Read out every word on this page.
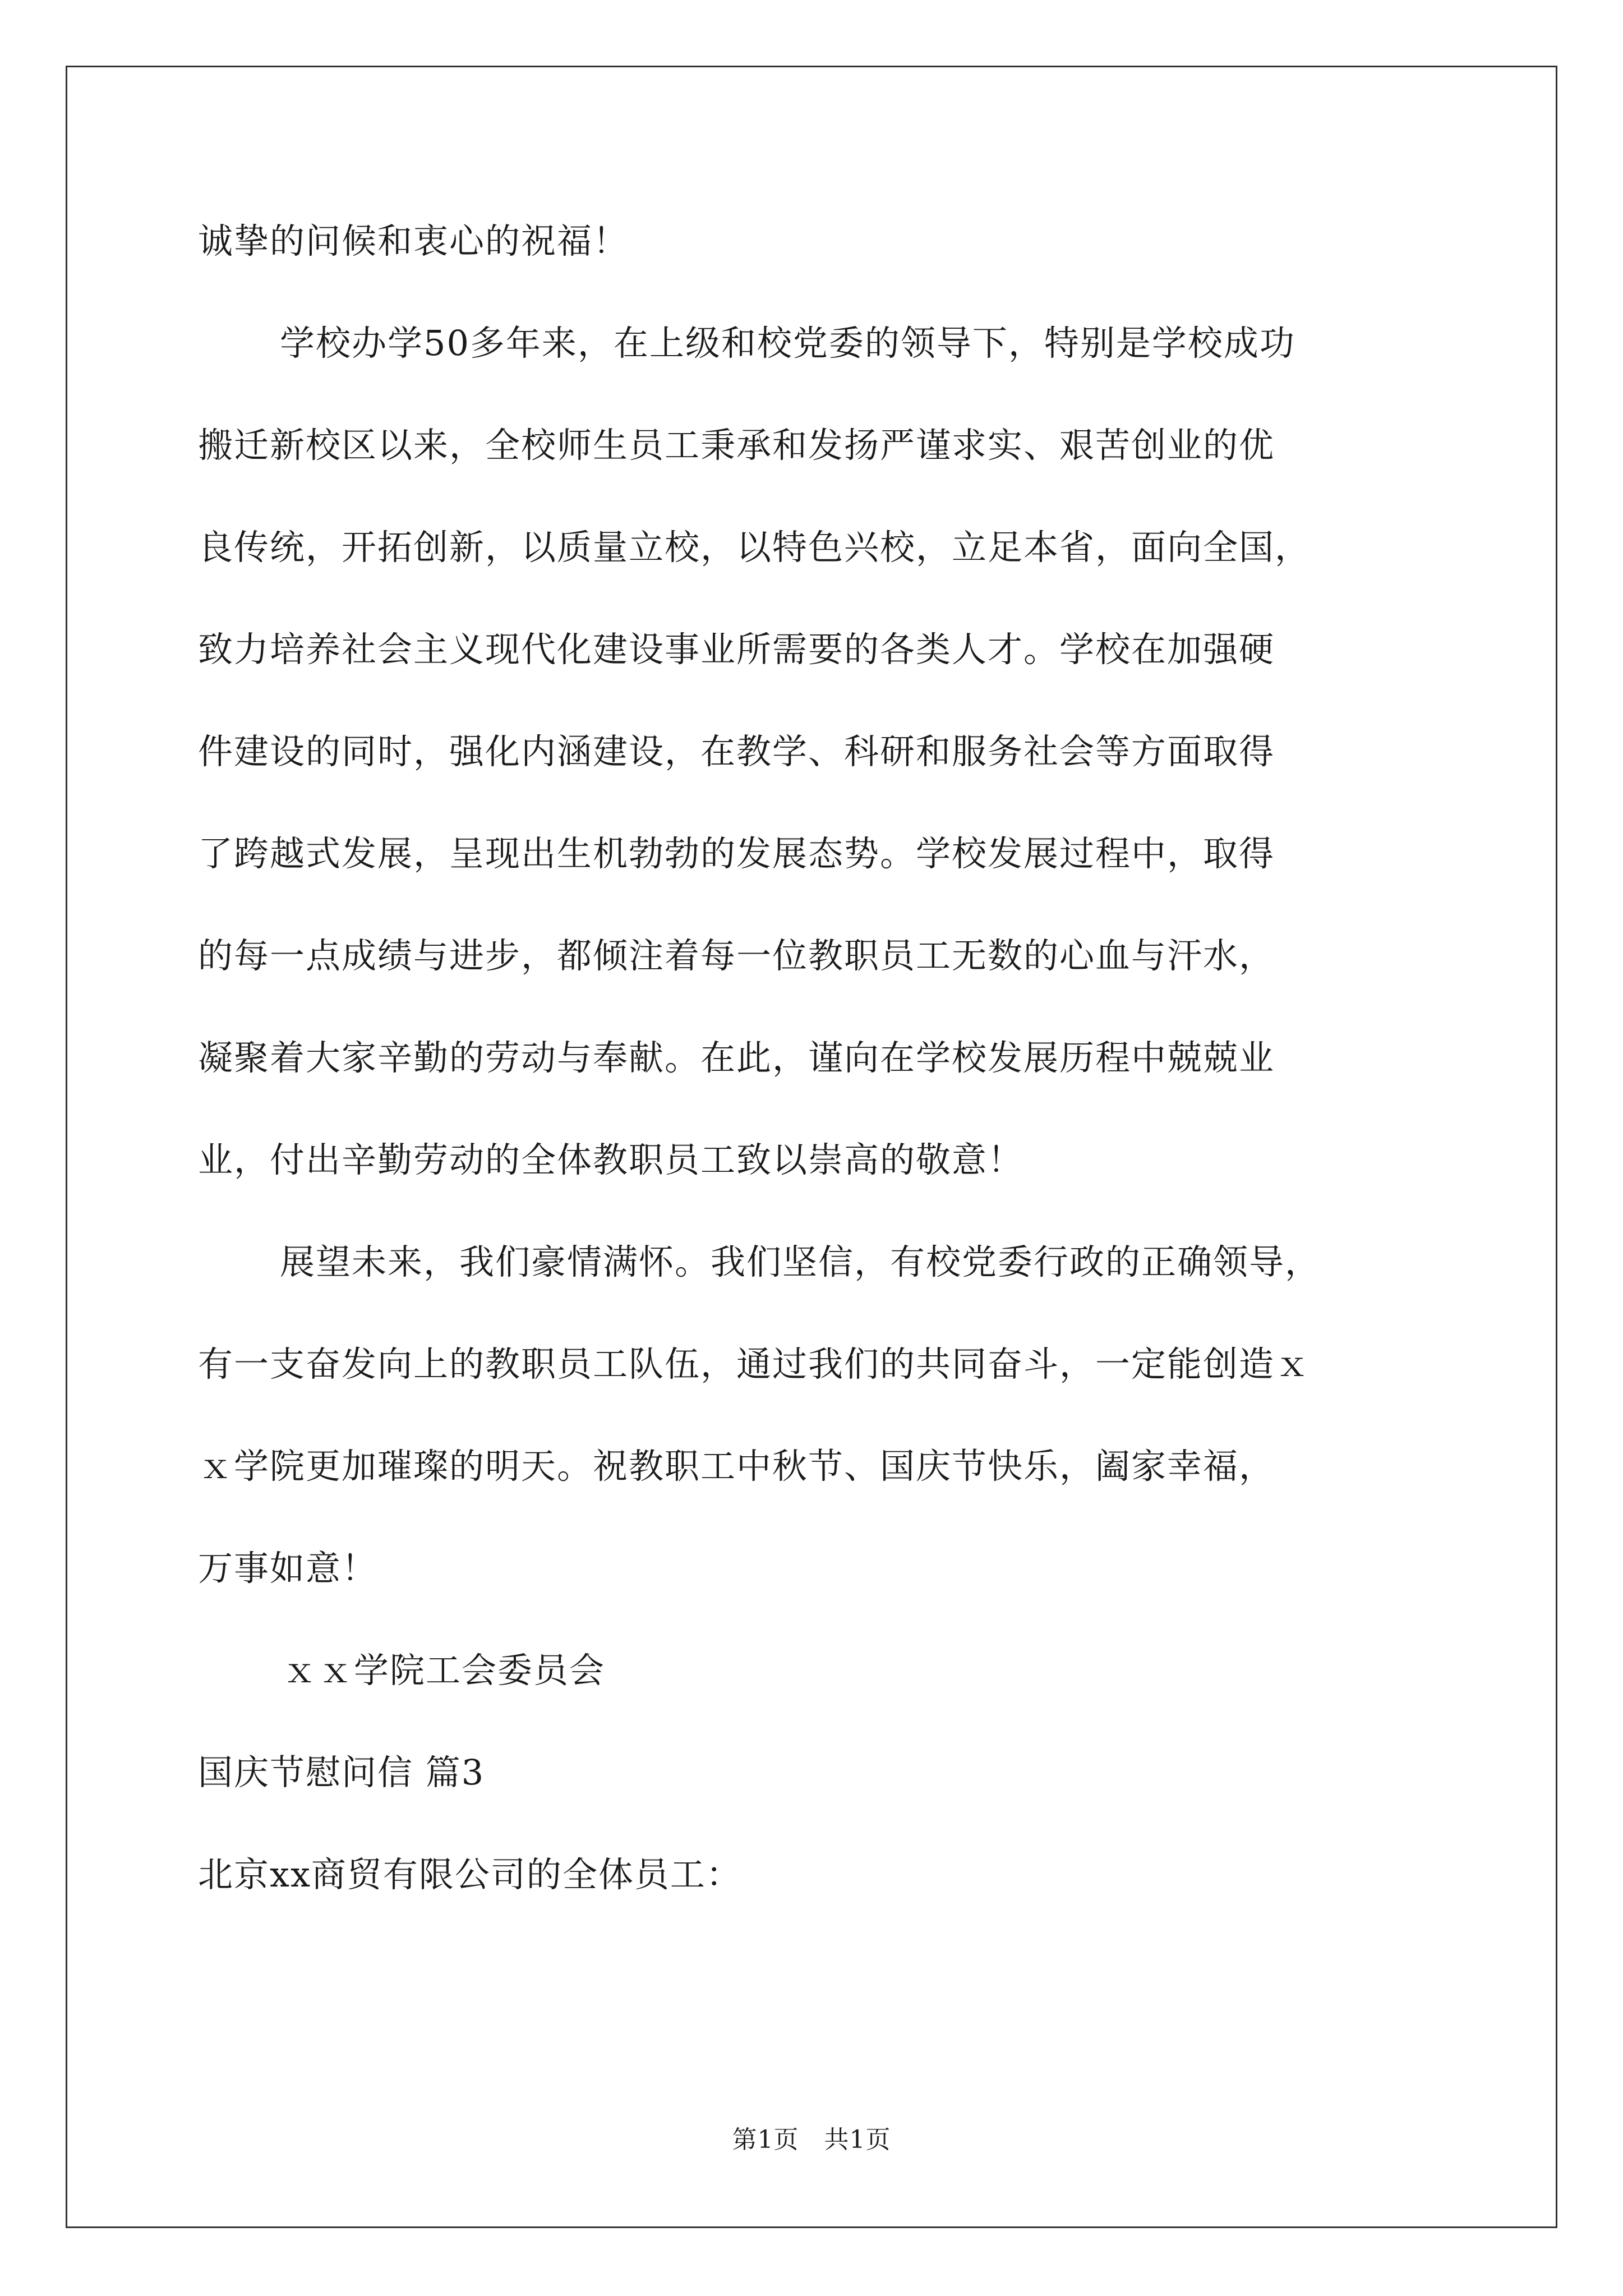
诚挚的问候和衷心的祝福！
学校办学50多年来，在上级和校党委的领导下，特别是学校成功
搬迁新校区以来，全校师生员工秉承和发扬严谨求实、艰苦创业的优
良传统，开拓创新，以质量立校，以特色兴校，立足本省，面向全国，
致力培养社会主义现代化建设事业所需要的各类人才。学校在加强硬
件建设的同时，强化内涵建设，在教学、科研和服务社会等方面取得
了跨越式发展，呈现出生机勃勃的发展态势。学校发展过程中，取得
的每一点成绩与进步，都倾注着每一位教职员工无数的心血与汗水，
凝聚着大家辛勤的劳动与奉献。在此，谨向在学校发展历程中兢兢业
业，付出辛勤劳动的全体教职员工致以崇高的敬意！
展望未来，我们豪情满怀。我们坚信，有校党委行政的正确领导，
有一支奋发向上的教职员工队伍，通过我们的共同奋斗，一定能创造ｘ
ｘ学院更加璀璨的明天。祝教职工中秋节、国庆节快乐，阖家幸福，
万事如意！
ｘｘ学院工会委员会
国庆节慰问信 篇3
北京xx商贸有限公司的全体员工：
第1页　共1页
